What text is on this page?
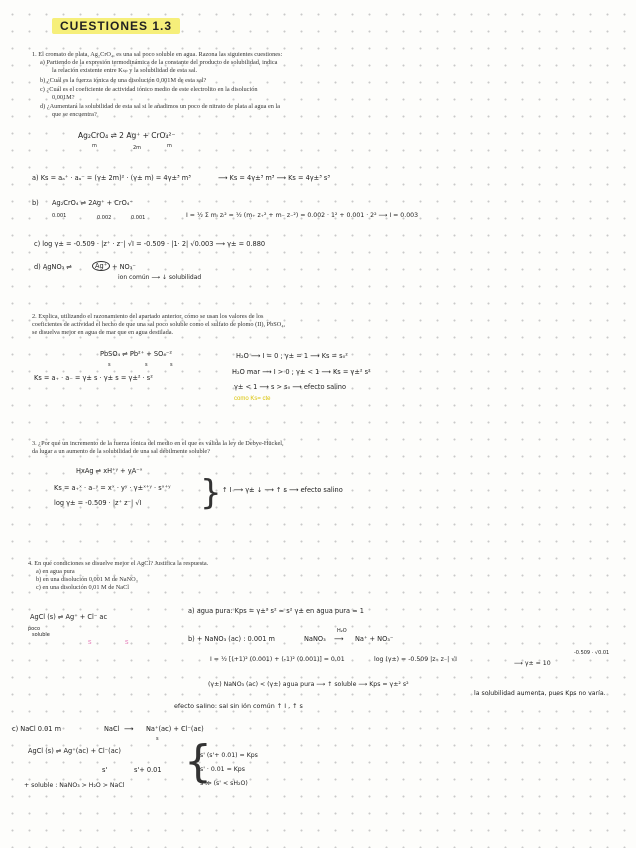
CUESTIONES 1.3
1. El cromato de plata, Ag₂CrO₄, es una sal poco soluble en agua. Razona las siguientes cuestiones:
a) Partiendo de la expresión termodinámica de la constante del producto de solubilidad, indica
la relación existente entre Kₛₚ y la solubilidad de esta sal.
b) ¿Cuál es la fuerza iónica de una disolución 0,001M de esta sal?
c) ¿Cuál es el coeficiente de actividad iónico medio de este electrolito en la disolución
0,001M?
d) ¿Aumentará la solubilidad de esta sal si le añadimos un poco de nitrato de plata al agua en la
que se encuentra?
Ag₂CrO₄ ⇌ 2 Ag⁺ + CrO₄²⁻
m	2m	m
a) Ks = aₐ⁺ · aₐ⁻ = (γ± 2m)² · (γ± m) = 4γ±³ m³	⟶ Ks = 4γ±³ m³ ⟶ Ks = 4γ±³ s³
b) Ag₂CrO₄ ⇌ 2Ag⁺ + CrO₄⁻
0.001	0.002	0.001	I = ½ Σ mᵢ zᵢ² = ½ (m₊ z₊² + m₋ z₋²) = 0.002 · 1² + 0.001 · 2² ⟶ I = 0.003
c) log γ± = -0.509 · |z⁺ · z⁻| √I = -0.509 · |1· 2| √0.003 ⟶ γ± = 0.880
d) AgNO₃ ⇌	Ag⁺ + NO₃⁻
ion común ⟶ ↓ solubilidad
2. Explica, utilizando el razonamiento del apartado anterior, cómo se usan los valores de los
coeficientes de actividad el hecho de que una sal poco soluble como el sulfato de plomo (II), PbSO₄,
se disuelva mejor en agua de mar que en agua destilada.
PbSO₄ ⇌ Pb²⁺ + SO₄⁻²
s	s	s
Ks = a₊ · a₋ = γ± s · γ± s = γ±² · s²
H₂O ⟶ I = 0 ; γ± = 1 ⟶ Ks = s₀²
H₂O mar ⟶ I > 0 ; γ± < 1 ⟶ Ks = γ±² s²
γ± < 1 ⟶ s > s₀ ⟶ efecto salino
como Ks= cte
3. ¿Por qué un incremento de la fuerza iónica del medio en el que es válida la ley de Debye-Hückel,
da lugar a un aumento de la solubilidad de una sal débilmente soluble?
HxAg ⇌ xH⁺ʸ + yA⁻ˣ
Ks = a₊ˣ · a₋ʸ = xˣ · yʸ · γ±ˣ⁺ʸ · sˣ⁺ʸ
log γ± = -0.509 · |z⁺ z⁻| √I } ↑ I ⟶ γ± ↓ ⟶ ↑ s ⟶ efecto salino
4. En qué condiciones se disuelve mejor el AgCl? Justifica la respuesta.
a) en agua pura
b) en una disolución 0,001 M de NaNO₃
c) en una disolución 0,01 M de NaCl
AgCl (s) ⇌ Ag⁺ + Cl⁻ ac
poco
soluble
s	s
a) agua pura: Kps = γ±² s² ≈ s² γ± en agua pura ≈ 1
b) + NaNO₃ (ac) : 0.001 m	NaNO₃
H₂O
⟶ Na⁺ + NO₃⁻
I = ½ [(+1)² (0.001) + (-1)² (0.001)] = 0.01	log (γ±) = -0.509 |z₊ z₋| √I
⟶ γ± = 10
-0.509 · √0.01
(γ±) NaNO₃ (ac) < (γ±) agua pura ⟶ ↑ soluble ⟶ Kps = γ±² s²
la solubilidad aumenta, pues Kps no varía.
efecto salino: sal sin ión común ↑ I , ↑ s
c) NaCl 0.01 m	NaCl ⟶ Na⁺(ac) + Cl⁻(ac)
s
AgCl (s) ⇌ Ag⁺(ac) + Cl⁻(ac)
s'	s'+ 0.01 {
s' (s'+ 0.01) = Kps
s' · 0.01 = Kps
s ≫ (s' < sH₂O)
+ soluble : NaNO₃ > H₂O > NaCl
